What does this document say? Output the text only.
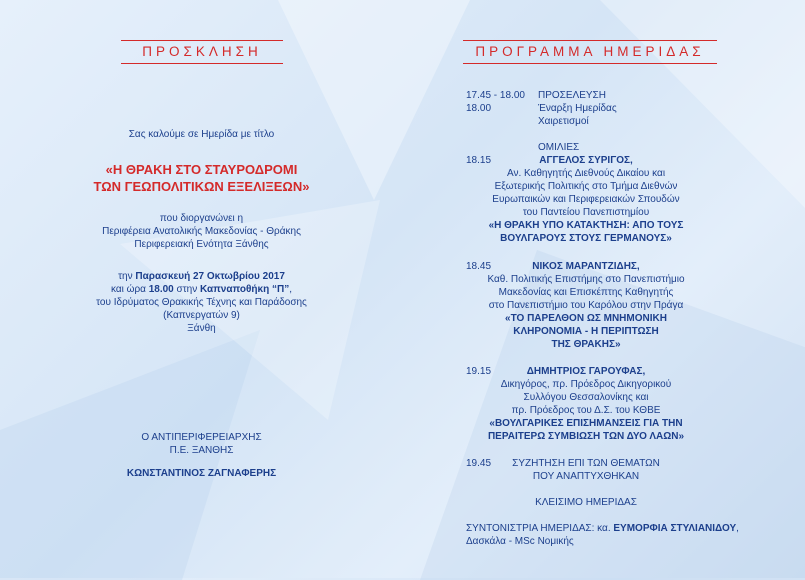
ΠΡΟΣΚΛΗΣΗ
Σας καλούμε σε Ημερίδα με τίτλο
«Η ΘΡΑΚΗ ΣΤΟ ΣΤΑΥΡΟΔΡΟΜΙ
ΤΩΝ ΓΕΩΠΟΛΙΤΙΚΩΝ ΕΞΕΛΙΞΕΩΝ»
που διοργανώνει η
Περιφέρεια Ανατολικής Μακεδονίας - Θράκης
Περιφερειακή Ενότητα Ξάνθης
την Παρασκευή 27 Οκτωβρίου 2017
και ώρα 18.00 στην Καπναποθήκη “Π”,
του Ιδρύματος Θρακικής Τέχνης και Παράδοσης
(Καπνεργατών 9)
Ξάνθη
Ο ΑΝΤΙΠΕΡΙΦΕΡΕΙΑΡΧΗΣ
Π.Ε. ΞΑΝΘΗΣ
ΚΩΝΣΤΑΝΤΙΝΟΣ ΖΑΓΝΑΦΕΡΗΣ
ΠΡΟΓΡΑΜΜΑ ΗΜΕΡΙΔΑΣ
17.45 - 18.00 ΠΡΟΣΕΛΕΥΣΗ
18.00	Έναρξη Ημερίδας
Χαιρετισμοί
ΟΜΙΛΙΕΣ
18.15	ΑΓΓΕΛΟΣ ΣΥΡΙΓΟΣ,
Αν. Καθηγητής Διεθνούς Δικαίου και
Εξωτερικής Πολιτικής στο Τμήμα Διεθνών
Ευρωπαικών και Περιφερειακών Σπουδών
του Παντείου Πανεπιστημίου
«Η ΘΡΑΚΗ ΥΠΟ ΚΑΤΑΚΤΗΣΗ: ΑΠΟ ΤΟΥΣ
ΒΟΥΛΓΑΡΟΥΣ ΣΤΟΥΣ ΓΕΡΜΑΝΟΥΣ»
18.45	ΝΙΚΟΣ ΜΑΡΑΝΤΖΙΔΗΣ,
Καθ. Πολιτικής Επιστήμης στο Πανεπιστήμιο
Μακεδονίας και Επισκέπτης Καθηγητής
στο Πανεπιστήμιο του Καρόλου στην Πράγα
«ΤΟ ΠΑΡΕΛΘΟΝ ΩΣ ΜΝΗΜΟΝΙΚΗ
ΚΛΗΡΟΝΟΜΙΑ - Η ΠΕΡΙΠΤΩΣΗ
ΤΗΣ ΘΡΑΚΗΣ»
19.15	ΔΗΜΗΤΡΙΟΣ ΓΑΡΟΥΦΑΣ,
Δικηγόρος, πρ. Πρόεδρος Δικηγορικού
Συλλόγου Θεσσαλονίκης και
πρ. Πρόεδρος του Δ.Σ. του ΚΘΒΕ
«ΒΟΥΛΓΑΡΙΚΕΣ ΕΠΙΣΗΜΑΝΣΕΙΣ ΓΙΑ ΤΗΝ
ΠΕΡΑΙΤΕΡΩ ΣΥΜΒΙΩΣΗ ΤΩΝ ΔΥΟ ΛΑΩΝ»
19.45	ΣΥΖΗΤΗΣΗ ΕΠΙ ΤΩΝ ΘΕΜΑΤΩΝ
ΠΟΥ ΑΝΑΠΤΥΧΘΗΚΑΝ
ΚΛΕΙΣΙΜΟ ΗΜΕΡΙΔΑΣ
ΣΥΝΤΟΝΙΣΤΡΙΑ ΗΜΕΡΙΔΑΣ: κα. ΕΥΜΟΡΦΙΑ ΣΤΥΛΙΑΝΙΔΟΥ,
Δασκάλα - MSc Νομικής
